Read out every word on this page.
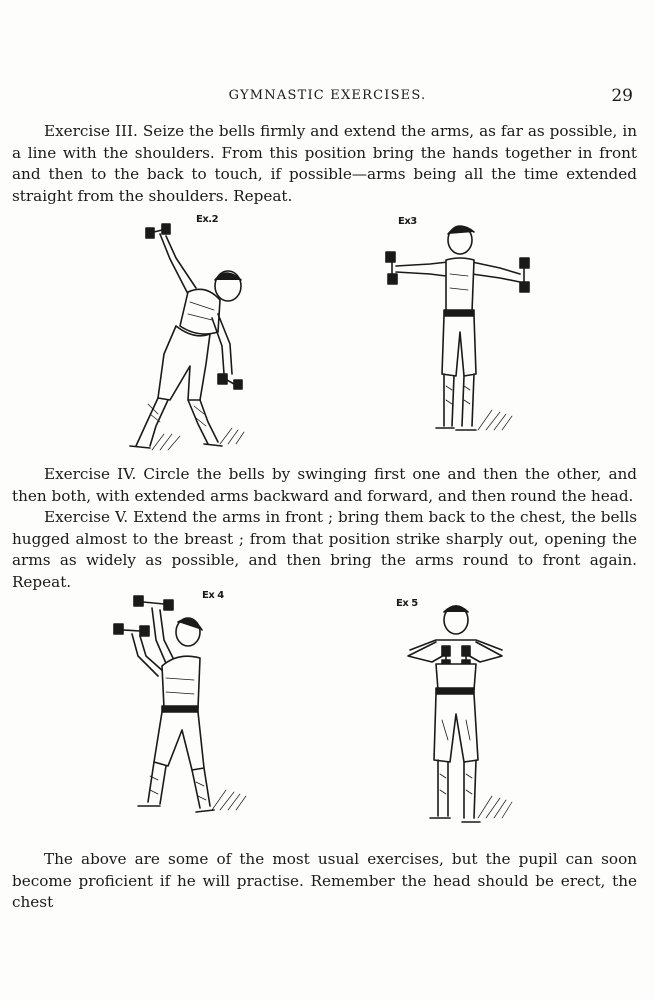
GYMNASTIC EXERCISES.	29

Exercise III. Seize the bells firmly and extend the arms, as far as possible, in a line with the shoulders. From this position bring the hands together in front and then to the back to touch, if possible—arms being all the time extended straight from the shoulders. Repeat.

Ex.2	Ex3

Exercise IV. Circle the bells by swinging first one and then the other, and then both, with extended arms backward and forward, and then round the head.

Exercise V. Extend the arms in front ; bring them back to the chest, the bells hugged almost to the breast ; from that position strike sharply out, opening the arms as widely as possible, and then bring the arms round to front again. Repeat.

Ex 4
Ex 5

The above are some of the most usual exercises, but the pupil can soon become proficient if he will practise. Remember the head should be erect, the chest
